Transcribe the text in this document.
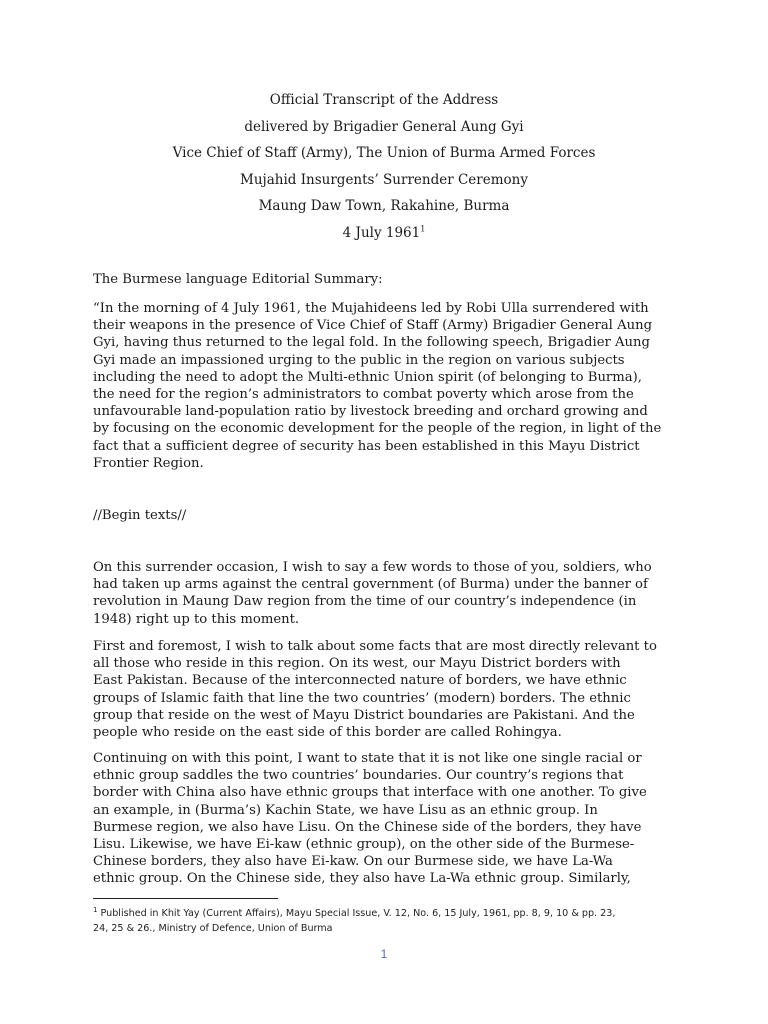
Official Transcript of the Address
delivered by Brigadier General Aung Gyi
Vice Chief of Staff (Army), The Union of Burma Armed Forces
Mujahid Insurgents’ Surrender Ceremony
Maung Daw Town, Rakahine, Burma
4 July 1961$^1$

The Burmese language Editorial Summary:

“In the morning of 4 July 1961, the Mujahideens led by Robi Ulla surrendered with
their weapons in the presence of Vice Chief of Staff (Army) Brigadier General Aung
Gyi, having thus returned to the legal fold. In the following speech, Brigadier Aung
Gyi made an impassioned urging to the public in the region on various subjects
including the need to adopt the Multi-ethnic Union spirit (of belonging to Burma),
the need for the region’s administrators to combat poverty which arose from the
unfavourable land-population ratio by livestock breeding and orchard growing and
by focusing on the economic development for the people of the region, in light of the
fact that a sufficient degree of security has been established in this Mayu District
Frontier Region.

//Begin texts//

On this surrender occasion, I wish to say a few words to those of you, soldiers, who
had taken up arms against the central government (of Burma) under the banner of
revolution in Maung Daw region from the time of our country’s independence (in
1948) right up to this moment.
First and foremost, I wish to talk about some facts that are most directly relevant to
all those who reside in this region. On its west, our Mayu District borders with
East Pakistan. Because of the interconnected nature of borders, we have ethnic
groups of Islamic faith that line the two countries’ (modern) borders. The ethnic
group that reside on the west of Mayu District boundaries are Pakistani. And the
people who reside on the east side of this border are called Rohingya.
Continuing on with this point, I want to state that it is not like one single racial or
ethnic group saddles the two countries’ boundaries. Our country’s regions that
border with China also have ethnic groups that interface with one another. To give
an example, in (Burma’s) Kachin State, we have Lisu as an ethnic group. In
Burmese region, we also have Lisu. On the Chinese side of the borders, they have
Lisu. Likewise, we have Ei-kaw (ethnic group), on the other side of the Burmese-
Chinese borders, they also have Ei-kaw. On our Burmese side, we have La-Wa
ethnic group. On the Chinese side, they also have La-Wa ethnic group. Similarly,
$^1$ Published in Khit Yay (Current Affairs), Mayu Special Issue, V. 12, No. 6, 15 July, 1961, pp. 8, 9, 10 & pp. 23,
24, 25 & 26., Ministry of Defence, Union of Burma
1
